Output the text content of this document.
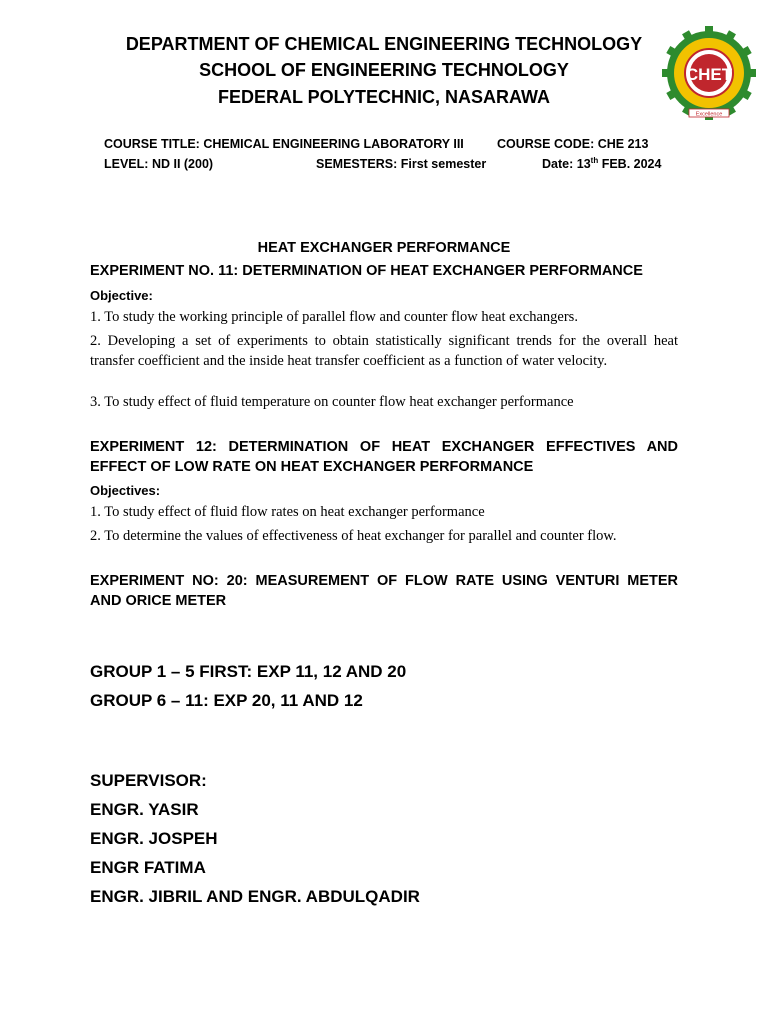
DEPARTMENT OF CHEMICAL ENGINEERING TECHNOLOGY
SCHOOL OF ENGINEERING TECHNOLOGY
FEDERAL POLYTECHNIC, NASARAWA
CHET
Excellence
COURSE TITLE: CHEMICAL ENGINEERING LABORATORY III	COURSE CODE: CHE 213
LEVEL: ND II (200)	SEMESTERS: First semester	Date: 13th FEB. 2024
HEAT EXCHANGER PERFORMANCE
EXPERIMENT NO. 11: DETERMINATION OF HEAT EXCHANGER PERFORMANCE
Objective:
1. To study the working principle of parallel flow and counter flow heat exchangers.
2. Developing a set of experiments to obtain statistically significant trends for the overall heat transfer coefficient and the inside heat transfer coefficient as a function of water velocity.
3. To study effect of fluid temperature on counter flow heat exchanger performance
EXPERIMENT 12: DETERMINATION OF HEAT EXCHANGER EFFECTIVES AND
EFFECT OF LOW RATE ON HEAT EXCHANGER PERFORMANCE
Objectives:
1. To study effect of fluid flow rates on heat exchanger performance
2. To determine the values of effectiveness of heat exchanger for parallel and counter flow.
EXPERIMENT NO: 20: MEASUREMENT OF FLOW RATE USING VENTURI METER
AND ORICE METER
GROUP 1 – 5 FIRST: EXP 11, 12 AND 20
GROUP 6 – 11: EXP 20, 11 AND 12
SUPERVISOR:
ENGR. YASIR
ENGR. JOSPEH
ENGR FATIMA
ENGR. JIBRIL AND ENGR. ABDULQADIR
